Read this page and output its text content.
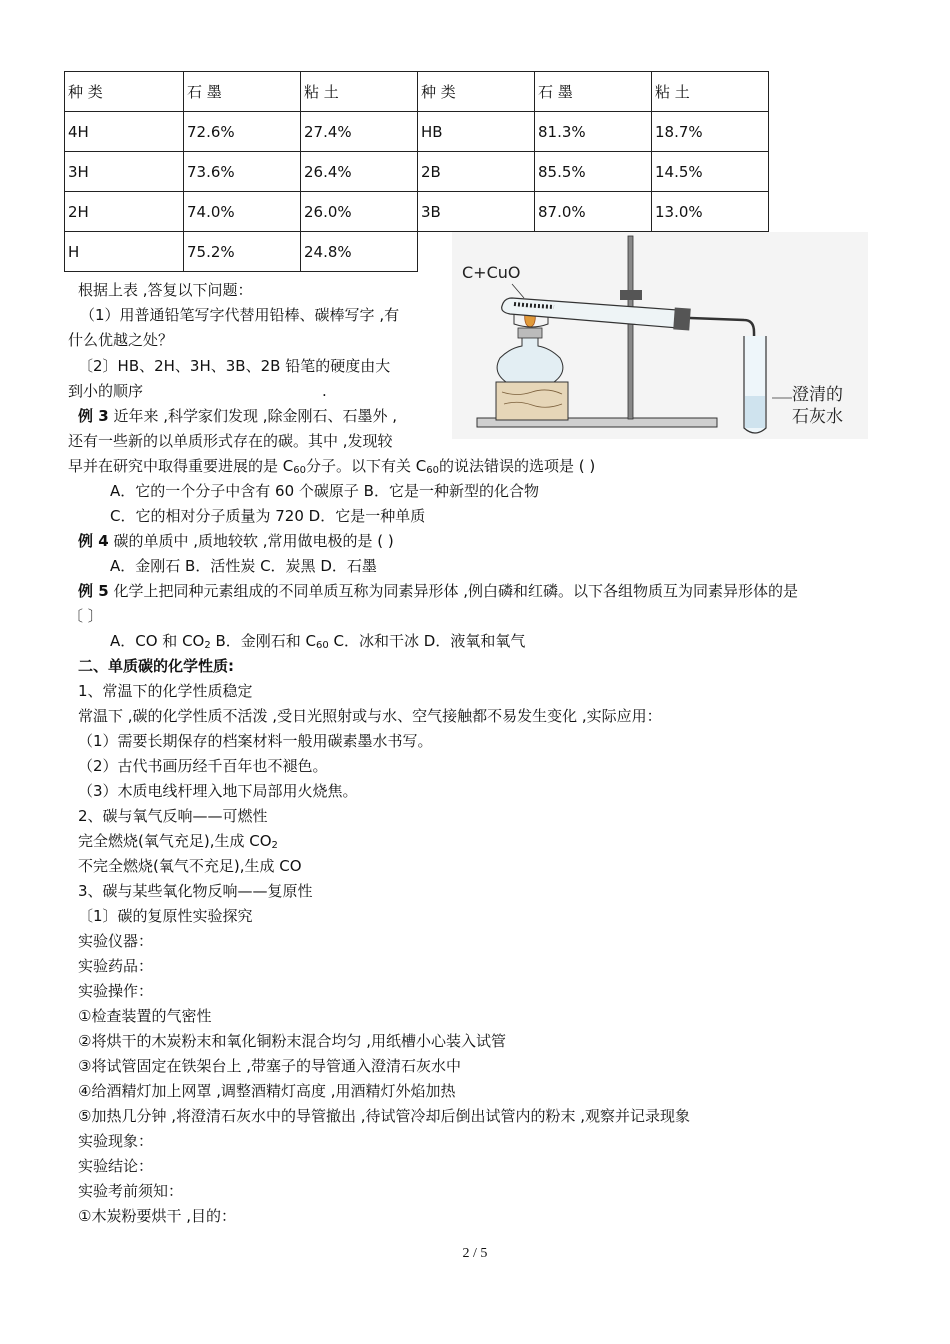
种 类	石 墨	粘 土	种 类	石 墨	粘 土
4H	72.6%	27.4%	HB	81.3%	18.7%
3H	73.6%	26.4%	2B	85.5%	14.5%
2H	74.0%	26.0%	3B	87.0%	13.0%
H	75.2%	24.8%			
C+CuO
澄清的
石灰水
根据上表 ,答复以下问题：
（1）用普通铅笔写字代替用铅棒、碳棒写字 ,有
什么优越之处？
〔2〕HB、2H、3H、3B、2B 铅笔的硬度由大
到小的顺序	.
例 3 近年来 ,科学家们发现 ,除金刚石、石墨外 ,
还有一些新的以单质形式存在的碳。其中 ,发现较
早并在研究中取得重要进展的是 $C_{60}$分子。以下有关 $C_{60}$的说法错误的选项是 ( )
A．它的一个分子中含有 60 个碳原子 B．它是一种新型的化合物
C．它的相对分子质量为 720 D．它是一种单质
例 4 碳的单质中 ,质地较软 ,常用做电极的是 ( )
A．金刚石 B．活性炭 C．炭黑 D．石墨
例 5 化学上把同种元素组成的不同单质互称为同素异形体 ,例白磷和红磷。以下各组物质互为同素异形体的是
〔 〕
A．CO 和 $CO_2$ B．金刚石和 $C_{60}$ C．冰和干冰 D．液氧和氧气
二、单质碳的化学性质:
1、常温下的化学性质稳定
常温下 ,碳的化学性质不活泼 ,受日光照射或与水、空气接触都不易发生变化 ,实际应用：
（1）需要长期保存的档案材料一般用碳素墨水书写。
（2）古代书画历经千百年也不褪色。
（3）木质电线杆埋入地下局部用火烧焦。
2、碳与氧气反响——可燃性
完全燃烧(氧气充足),生成 $CO_2$
不完全燃烧(氧气不充足),生成 CO
3、碳与某些氧化物反响——复原性
〔1〕碳的复原性实验探究
实验仪器：
实验药品：
实验操作：
①检查装置的气密性
②将烘干的木炭粉末和氧化铜粉末混合均匀 ,用纸槽小心装入试管
③将试管固定在铁架台上 ,带塞子的导管通入澄清石灰水中
④给酒精灯加上网罩 ,调整酒精灯高度 ,用酒精灯外焰加热
⑤加热几分钟 ,将澄清石灰水中的导管撤出 ,待试管冷却后倒出试管内的粉末 ,观察并记录现象
实验现象：
实验结论：
实验考前须知：
①木炭粉要烘干 ,目的：
2 / 5
